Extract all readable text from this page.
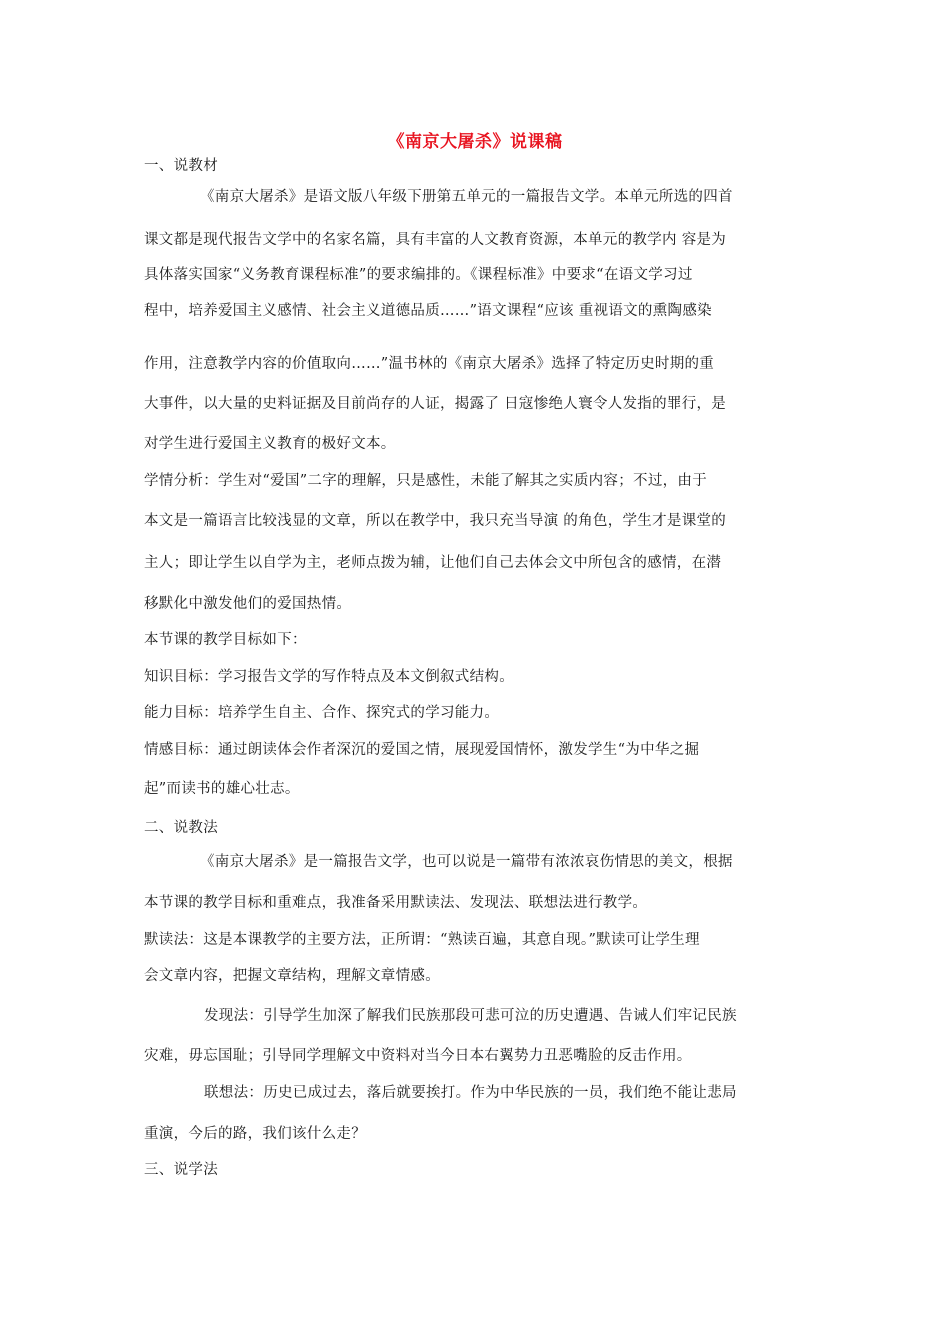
《南京大屠杀》说课稿
一、说教材
《南京大屠杀》是语文版八年级下册第五单元的一篇报告文学。本单元所选的四首
课文都是现代报告文学中的名家名篇，具有丰富的人文教育资源，本单元的教学内 容是为
具体落实国家“义务教育课程标准”的要求编排的。《课程标准》中要求“在语文学习过
程中，培养爱国主义感情、社会主义道德品质……”语文课程“应该 重视语文的熏陶感染
作用，注意教学内容的价值取向……”温书林的《南京大屠杀》选择了特定历史时期的重
大事件，以大量的史料证据及目前尚存的人证，揭露了 日寇惨绝人寰令人发指的罪行，是
对学生进行爱国主义教育的极好文本。
学情分析：学生对“爱国”二字的理解，只是感性，未能了解其之实质内容；不过，由于
本文是一篇语言比较浅显的文章，所以在教学中，我只充当导演 的角色，学生才是课堂的
主人；即让学生以自学为主，老师点拨为辅，让他们自己去体会文中所包含的感情，在潜
移默化中激发他们的爱国热情。
本节课的教学目标如下：
知识目标：学习报告文学的写作特点及本文倒叙式结构。
能力目标：培养学生自主、合作、探究式的学习能力。
情感目标：通过朗读体会作者深沉的爱国之情，展现爱国情怀，激发学生“为中华之掘
起”而读书的雄心壮志。
二、说教法
《南京大屠杀》是一篇报告文学，也可以说是一篇带有浓浓哀伤情思的美文，根据
本节课的教学目标和重难点，我准备采用默读法、发现法、联想法进行教学。
默读法：这是本课教学的主要方法，正所谓：“熟读百遍，其意自现。”默读可让学生理
会文章内容，把握文章结构，理解文章情感。
发现法：引导学生加深了解我们民族那段可悲可泣的历史遭遇、告诫人们牢记民族
灾难，毋忘国耻；引导同学理解文中资料对当今日本右翼势力丑恶嘴脸的反击作用。
联想法：历史已成过去，落后就要挨打。作为中华民族的一员，我们绝不能让悲局
重演，今后的路，我们该什么走？
三、说学法
